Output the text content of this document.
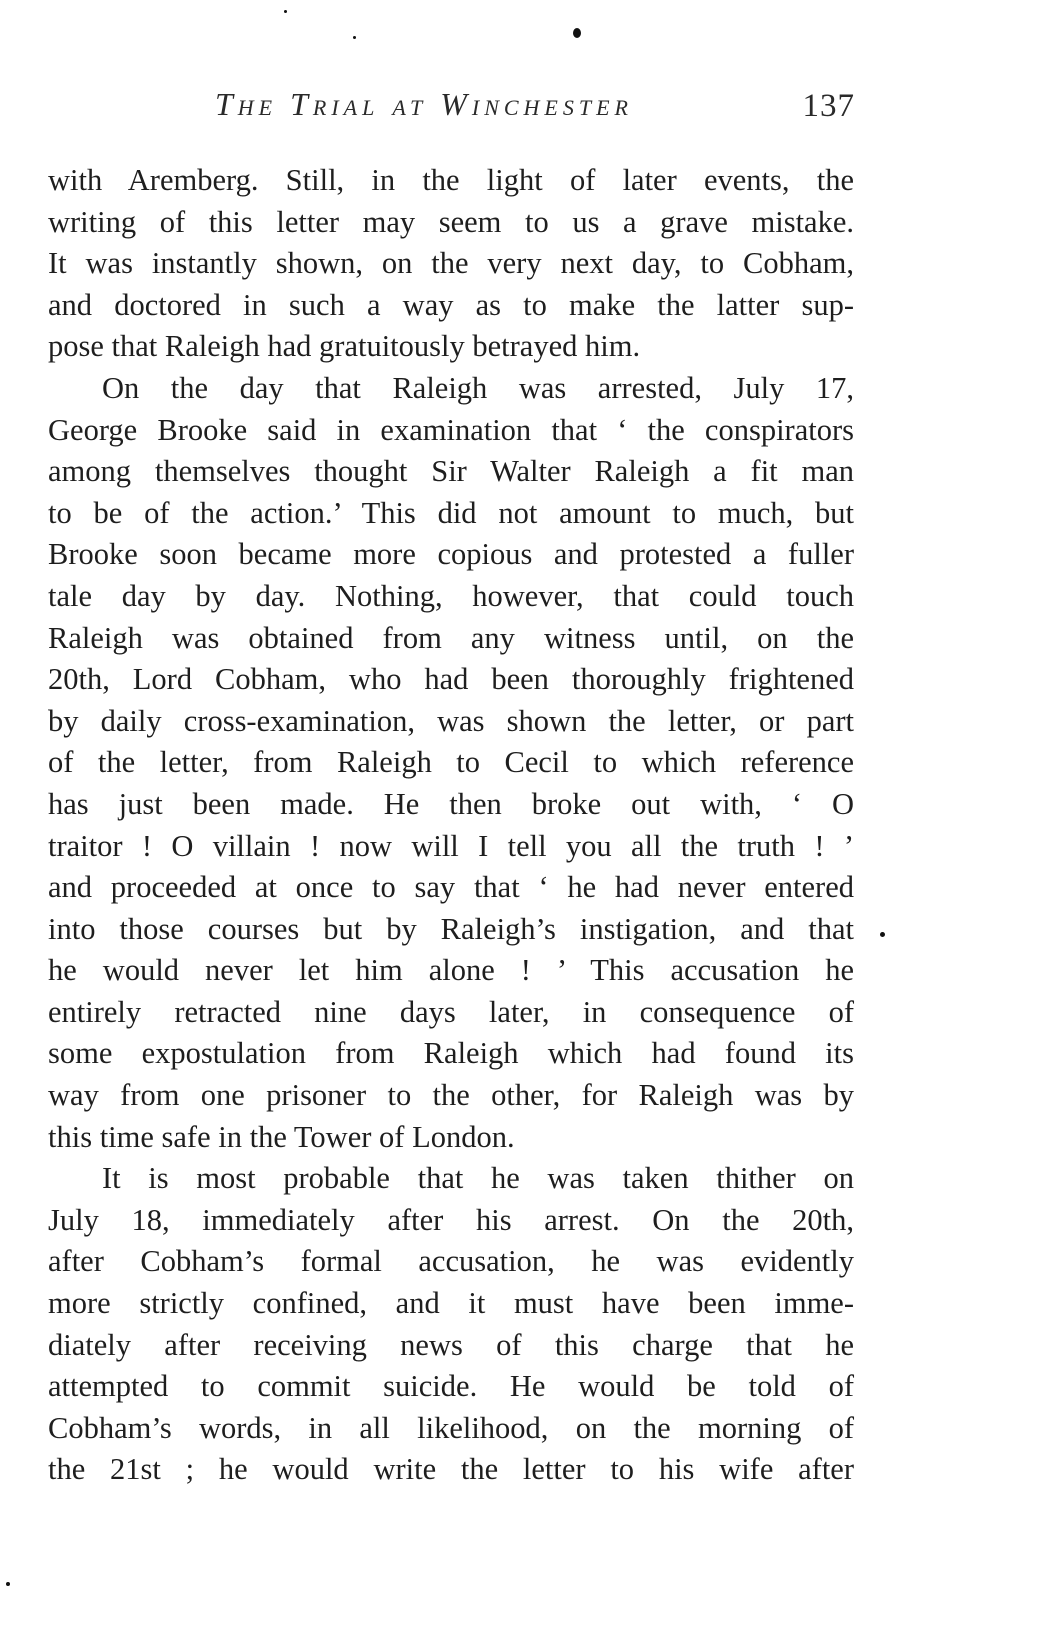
The Trial at Winchester	137
with Aremberg. Still, in the light of later events, the
writing of this letter may seem to us a grave mistake.
It was instantly shown, on the very next day, to Cobham,
and doctored in such a way as to make the latter sup-
pose that Raleigh had gratuitously betrayed him.
On the day that Raleigh was arrested, July 17,
George Brooke said in examination that ‘ the conspirators
among themselves thought Sir Walter Raleigh a fit man
to be of the action.’ This did not amount to much, but
Brooke soon became more copious and protested a fuller
tale day by day. Nothing, however, that could touch
Raleigh was obtained from any witness until, on the
20th, Lord Cobham, who had been thoroughly frightened
by daily cross-examination, was shown the letter, or part
of the letter, from Raleigh to Cecil to which reference
has just been made. He then broke out with, ‘ O
traitor ! O villain ! now will I tell you all the truth ! ’
and proceeded at once to say that ‘ he had never entered
into those courses but by Raleigh’s instigation, and that
he would never let him alone ! ’ This accusation he
entirely retracted nine days later, in consequence of
some expostulation from Raleigh which had found its
way from one prisoner to the other, for Raleigh was by
this time safe in the Tower of London.
It is most probable that he was taken thither on
July 18, immediately after his arrest. On the 20th,
after Cobham’s formal accusation, he was evidently
more strictly confined, and it must have been imme-
diately after receiving news of this charge that he
attempted to commit suicide. He would be told of
Cobham’s words, in all likelihood, on the morning of
the 21st ; he would write the letter to his wife after
